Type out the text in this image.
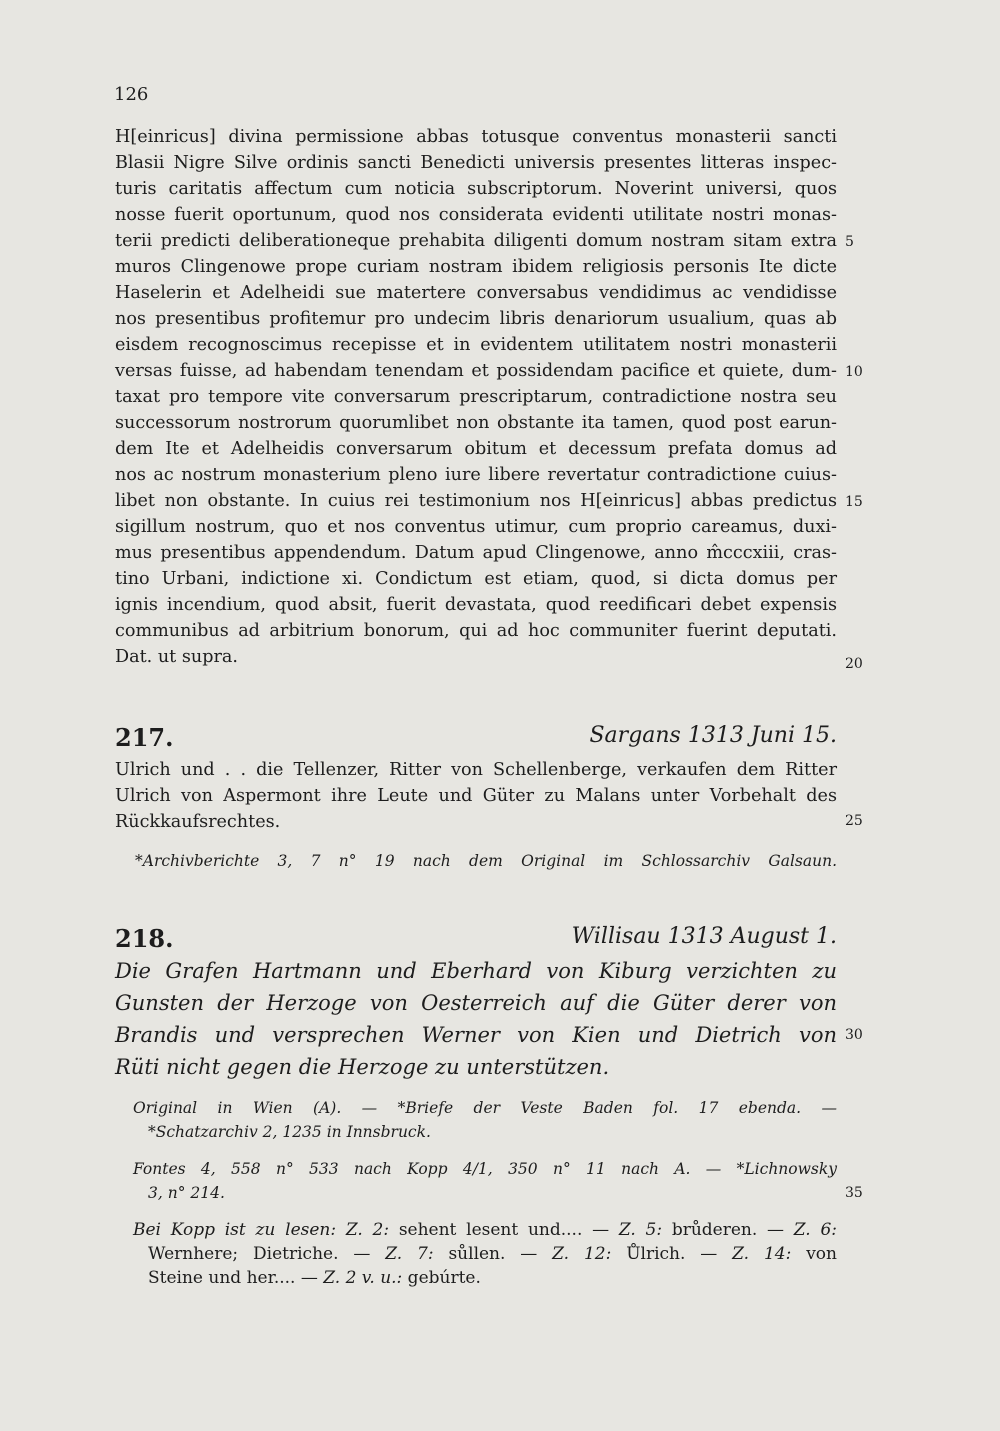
126
H[einricus] divina permissione abbas totusque conventus monasterii sancti
Blasii Nigre Silve ordinis sancti Benedicti universis presentes litteras inspec-
turis caritatis affectum cum noticia subscriptorum. Noverint universi, quos
nosse fuerit oportunum, quod nos considerata evidenti utilitate nostri monas-
terii predicti deliberationeque prehabita diligenti domum nostram sitam extra
muros Clingenowe prope curiam nostram ibidem religiosis personis Ite dicte
Haselerin et Adelheidi sue matertere conversabus vendidimus ac vendidisse
nos presentibus profitemur pro undecim libris denariorum usualium, quas ab
eisdem recognoscimus recepisse et in evidentem utilitatem nostri monasterii
versas fuisse, ad habendam tenendam et possidendam pacifice et quiete, dum-
taxat pro tempore vite conversarum prescriptarum, contradictione nostra seu
successorum nostrorum quorumlibet non obstante ita tamen, quod post earun-
dem Ite et Adelheidis conversarum obitum et decessum prefata domus ad
nos ac nostrum monasterium pleno iure libere revertatur contradictione cuius-
libet non obstante. In cuius rei testimonium nos H[einricus] abbas predictus
sigillum nostrum, quo et nos conventus utimur, cum proprio careamus, duxi-
mus presentibus appendendum. Datum apud Clingenowe, anno m̂cccxiii, cras-
tino Urbani, indictione xi. Condictum est etiam, quod, si dicta domus per
ignis incendium, quod absit, fuerit devastata, quod reedificari debet expensis
communibus ad arbitrium bonorum, qui ad hoc communiter fuerint deputati.
Dat. ut supra.
5
10
15
20
217.	Sargans 1313 Juni 15.
Ulrich und . . die Tellenzer, Ritter von Schellenberge, verkaufen dem Ritter
Ulrich von Aspermont ihre Leute und Güter zu Malans unter Vorbehalt des
Rückkaufsrechtes.	25
*Archivberichte 3, 7 n° 19 nach dem Original im Schlossarchiv Galsaun.
218.	Willisau 1313 August 1.
Die Grafen Hartmann und Eberhard von Kiburg verzichten zu
Gunsten der Herzoge von Oesterreich auf die Güter derer von
Brandis und versprechen Werner von Kien und Dietrich von 30
Rüti nicht gegen die Herzoge zu unterstützen.
Original in Wien (A). — *Briefe der Veste Baden fol. 17 ebenda. —
*Schatzarchiv 2, 1235 in Innsbruck.
Fontes 4, 558 n° 533 nach Kopp 4/1, 350 n° 11 nach A. — *Lichnowsky
3, n° 214.	35
Bei Kopp ist zu lesen: Z. 2: sehent lesent und.... — Z. 5: brůderen. — Z. 6:
Wernhere; Dietriche. — Z. 7: sůllen. — Z. 12: Ůlrich. — Z. 14: von
Steine und her.... — Z. 2 v. u.: gebúrte.
